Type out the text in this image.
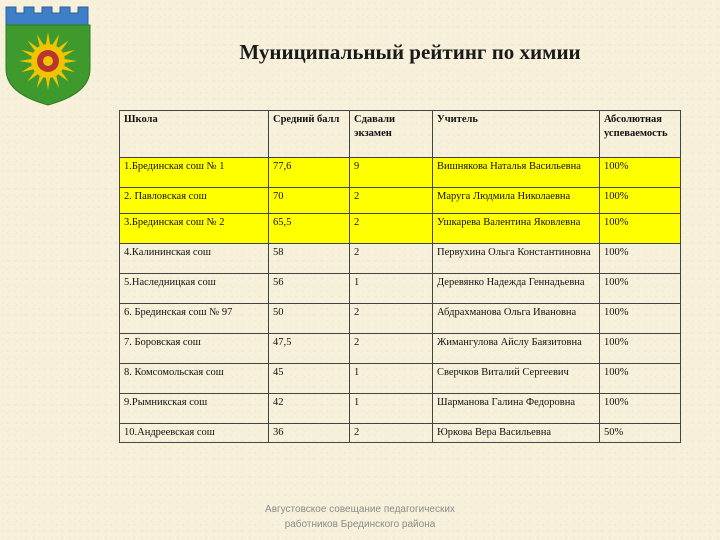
Муниципальный рейтинг по химии
Школа	Средний балл	Сдавали экзамен	Учитель	Абсолютная успеваемость
1.Брединская сош № 1	77,6	9	Вишнякова Наталья Васильевна	100%
2. Павловская сош	70	2	Маруга Людмила Николаевна	100%
3.Брединская сош № 2	65,5	2	Ушкарева Валентина Яковлевна	100%
4.Калининская сош	58	2	Первухина Ольга Константиновна	100%
5.Наследницкая сош	56	1	Деревянко Надежда Геннадьевна	100%
6. Брединская сош № 97	50	2	Абдрахманова Ольга Ивановна	100%
7. Боровская сош	47,5	2	Жимангулова Айслу Баязитовна	100%
8. Комсомольская сош	45	1	Сверчков Виталий Сергеевич	100%
9.Рымникская сош	42	1	Шарманова Галина Федоровна	100%
10.Андреевская сош	36	2	Юркова Вера Васильевна	50%
Августовское совещание педагогических
работников Брединского района
